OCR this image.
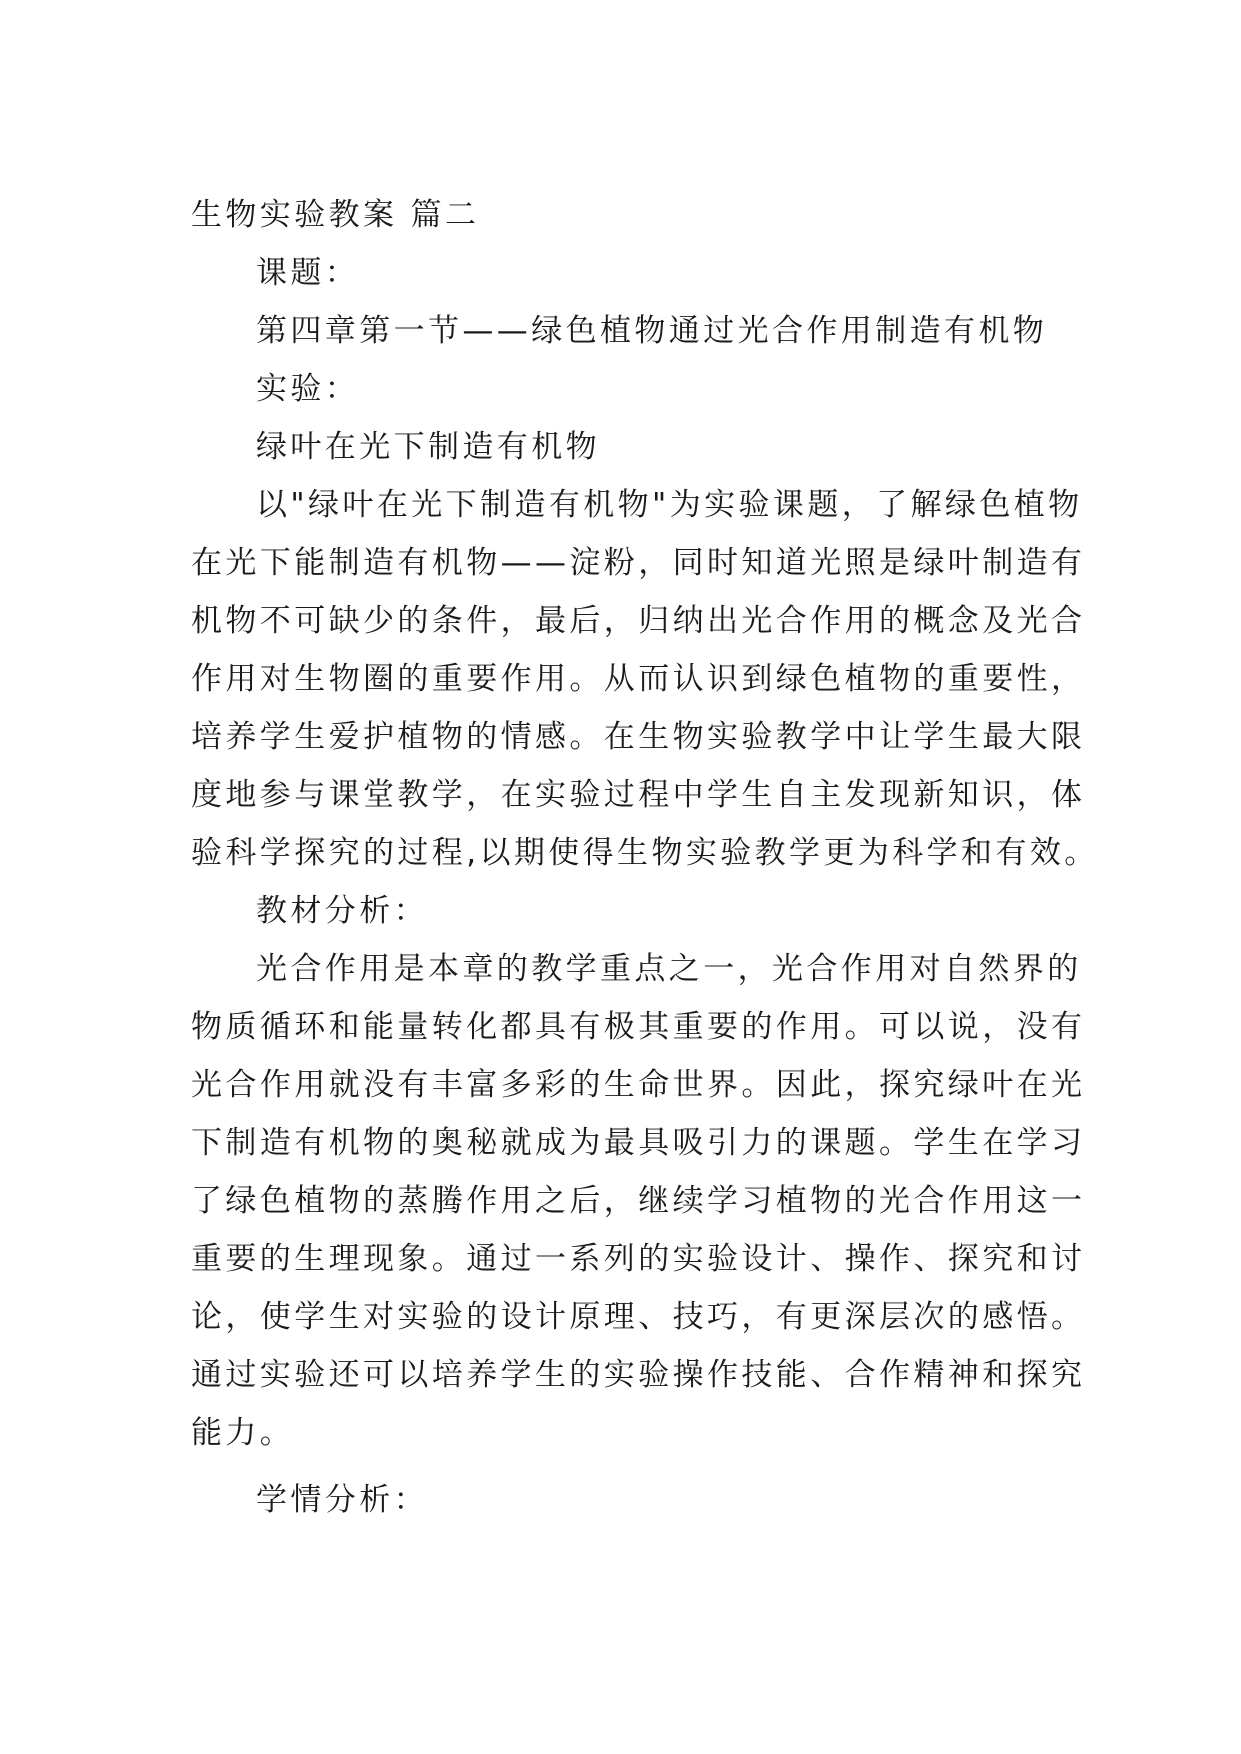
生物实验教案 篇二
课题：
第四章第一节——绿色植物通过光合作用制造有机物
实验：
绿叶在光下制造有机物
以"绿叶在光下制造有机物"为实验课题，了解绿色植物
在光下能制造有机物——淀粉，同时知道光照是绿叶制造有
机物不可缺少的条件，最后，归纳出光合作用的概念及光合
作用对生物圈的重要作用。从而认识到绿色植物的重要性，
培养学生爱护植物的情感。在生物实验教学中让学生最大限
度地参与课堂教学，在实验过程中学生自主发现新知识，体
验科学探究的过程,以期使得生物实验教学更为科学和有效。
教材分析：
光合作用是本章的教学重点之一，光合作用对自然界的
物质循环和能量转化都具有极其重要的作用。可以说，没有
光合作用就没有丰富多彩的生命世界。因此，探究绿叶在光
下制造有机物的奥秘就成为最具吸引力的课题。学生在学习
了绿色植物的蒸腾作用之后，继续学习植物的光合作用这一
重要的生理现象。通过一系列的实验设计、操作、探究和讨
论，使学生对实验的设计原理、技巧，有更深层次的感悟。
通过实验还可以培养学生的实验操作技能、合作精神和探究
能力。
学情分析：
